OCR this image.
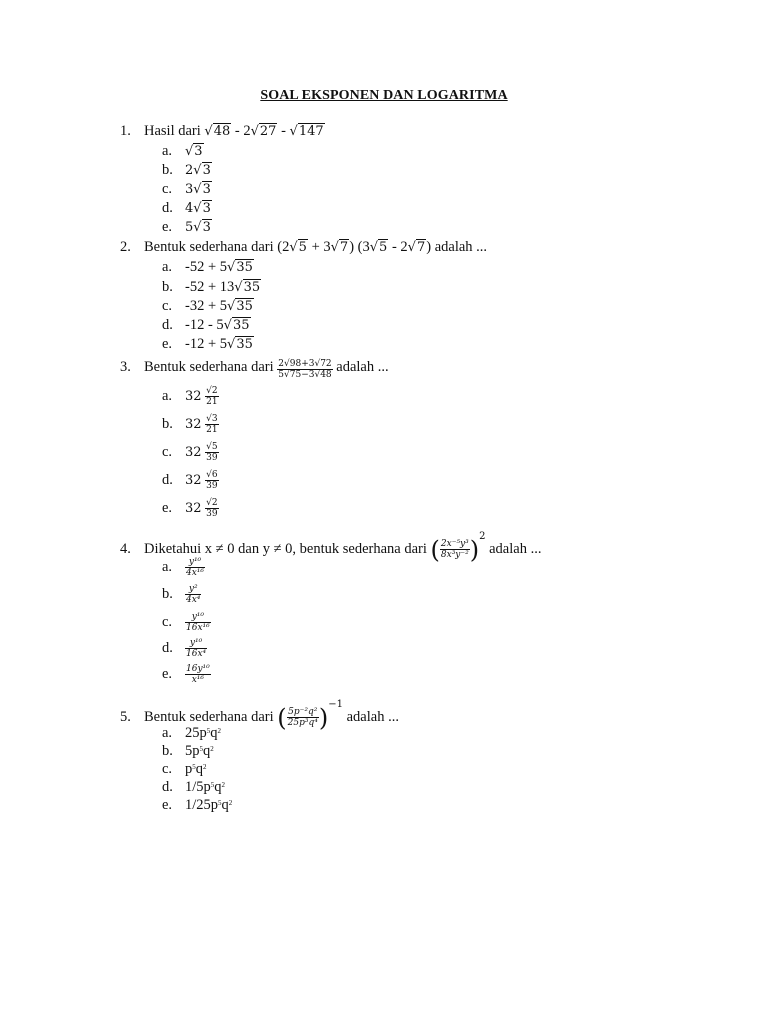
SOAL EKSPONEN DAN LOGARITMA
1. Hasil dari √48 - 2√27 - √147
a. √3
b. 2√3
c. 3√3
d. 4√3
e. 5√3
2. Bentuk sederhana dari (2√5 + 3√7) (3√5 - 2√7) adalah ...
a. -52 + 5√35
b. -52 + 13√35
c. -32 + 5√35
d. -12 - 5√35
e. -12 + 5√35
3. Bentuk sederhana dari $\frac{2√98+3√72}{5√75-3√48}$ adalah ...
a. $32 \frac{√2}{21}$
b. $32 \frac{√3}{21}$
c. $32 \frac{√5}{39}$
d. $32 \frac{√6}{39}$
e. $32 \frac{√2}{39}$
4. Diketahui x ≠ 0 dan y ≠ 0, bentuk sederhana dari ( $\frac{\text{2x⁻⁵y³}}{\text{8x³y⁻²}} )^2$ adalah ...
a. $\frac{\text{y¹⁰}}{\text{4x¹⁶}}$
b. $\frac{\text{y²}}{\text{4x⁴}}$
c. $\frac{\text{y¹⁰}}{\text{16x¹⁶}}$
d. $\frac{\text{y¹⁰}}{\text{16x⁴}}$
e. $\frac{\text{16y¹⁰}}{\text{x¹⁶}}$
5. Bentuk sederhana dari ( $\frac{\text{5p⁻²q²}}{\text{25p³q⁴}} )^{-1}$ adalah ...
a. $25p^5q^2$
b. $5p^5q^2$
c. $p^5q^2$
d. $1/5p^5q^2$
e. $1/25p^5q^2$
